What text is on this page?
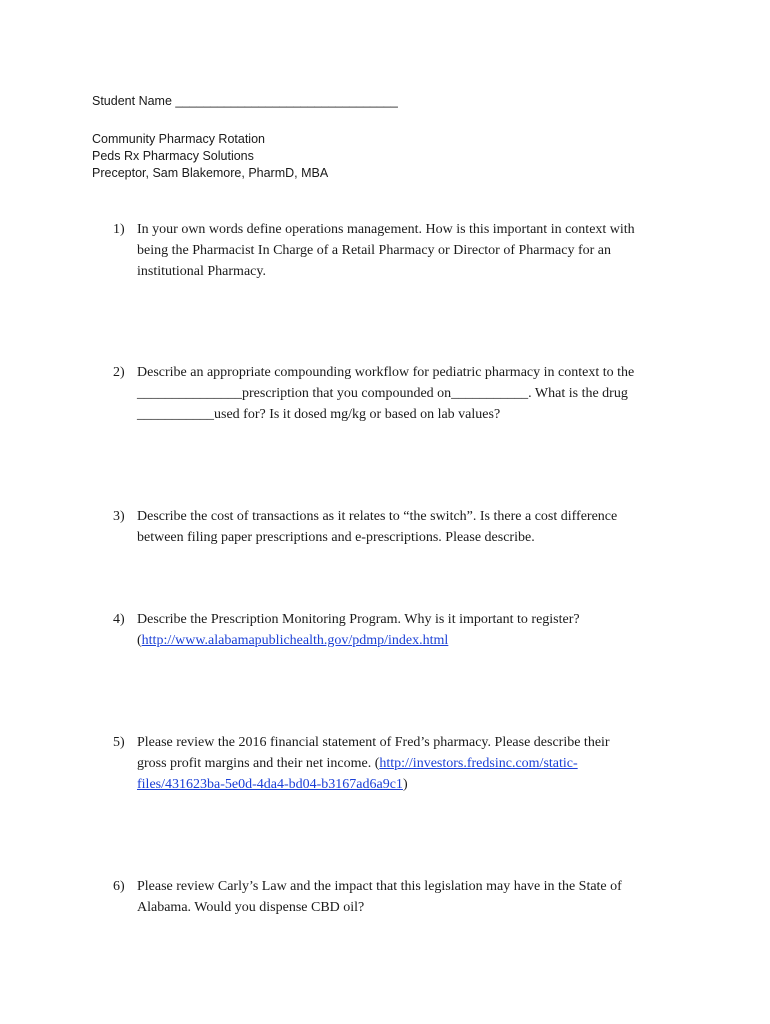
Student Name ________________________________
Community Pharmacy Rotation
Peds Rx Pharmacy Solutions
Preceptor, Sam Blakemore, PharmD, MBA
1) In your own words define operations management. How is this important in context with
being the Pharmacist In Charge of a Retail Pharmacy or Director of Pharmacy for an
institutional Pharmacy.
2) Describe an appropriate compounding workflow for pediatric pharmacy in context to the
_______________prescription that you compounded on___________. What is the drug
___________used for? Is it dosed mg/kg or based on lab values?
3) Describe the cost of transactions as it relates to “the switch”. Is there a cost difference
between filing paper prescriptions and e-prescriptions. Please describe.
4) Describe the Prescription Monitoring Program. Why is it important to register?
(http://www.alabamapublichealth.gov/pdmp/index.html
5) Please review the 2016 financial statement of Fred’s pharmacy. Please describe their
gross profit margins and their net income. (http://investors.fredsinc.com/static-
files/431623ba-5e0d-4da4-bd04-b3167ad6a9c1)
6) Please review Carly’s Law and the impact that this legislation may have in the State of
Alabama. Would you dispense CBD oil?
